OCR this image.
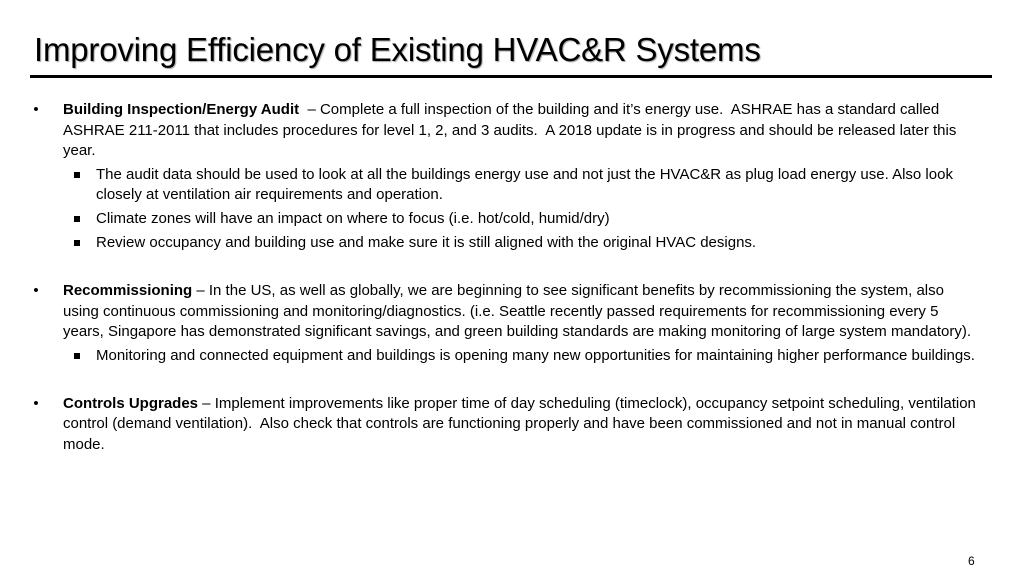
Improving Efficiency of Existing HVAC&R Systems
• Building Inspection/Energy Audit  – Complete a full inspection of the building and it’s energy use.  ASHRAE has a standard called ASHRAE 211-2011 that includes procedures for level 1, 2, and 3 audits.  A 2018 update is in progress and should be released later this year.
The audit data should be used to look at all the buildings energy use and not just the HVAC&R as plug load energy use. Also look closely at ventilation air requirements and operation.
Climate zones will have an impact on where to focus (i.e. hot/cold, humid/dry)
Review occupancy and building use and make sure it is still aligned with the original HVAC designs.
• Recommissioning – In the US, as well as globally, we are beginning to see significant benefits by recommissioning the system, also using continuous commissioning and monitoring/diagnostics. (i.e. Seattle recently passed requirements for recommissioning every 5 years, Singapore has demonstrated significant savings, and green building standards are making monitoring of large system mandatory).
Monitoring and connected equipment and buildings is opening many new opportunities for maintaining higher performance buildings.
• Controls Upgrades – Implement improvements like proper time of day scheduling (timeclock), occupancy setpoint scheduling, ventilation control (demand ventilation).  Also check that controls are functioning properly and have been commissioned and not in manual control mode.
6
